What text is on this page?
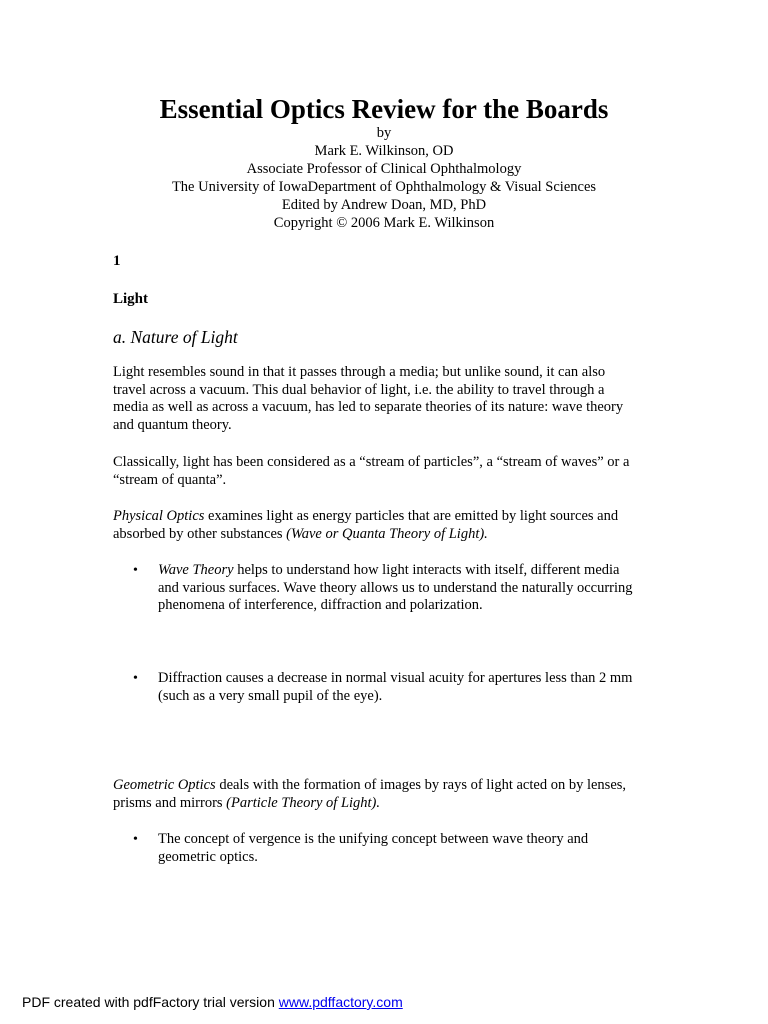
Essential Optics Review for the Boards
by
Mark E. Wilkinson, OD
Associate Professor of Clinical Ophthalmology
The University of IowaDepartment of Ophthalmology & Visual Sciences
Edited by Andrew Doan, MD, PhD
Copyright © 2006 Mark E. Wilkinson
1
Light
a. Nature of Light
Light resembles sound in that it passes through a media; but unlike sound, it can also
travel across a vacuum. This dual behavior of light, i.e. the ability to travel through a
media as well as across a vacuum, has led to separate theories of its nature: wave theory
and quantum theory.
Classically, light has been considered as a “stream of particles”, a “stream of waves” or a
“stream of quanta”.
Physical Optics examines light as energy particles that are emitted by light sources and
absorbed by other substances (Wave or Quanta Theory of Light).
• Wave Theory helps to understand how light interacts with itself, different media
and various surfaces. Wave theory allows us to understand the naturally occurring
phenomena of interference, diffraction and polarization.
• Diffraction causes a decrease in normal visual acuity for apertures less than 2 mm
(such as a very small pupil of the eye).
Geometric Optics deals with the formation of images by rays of light acted on by lenses,
prisms and mirrors (Particle Theory of Light).
• The concept of vergence is the unifying concept between wave theory and
geometric optics.
PDF created with pdfFactory trial version www.pdffactory.com
